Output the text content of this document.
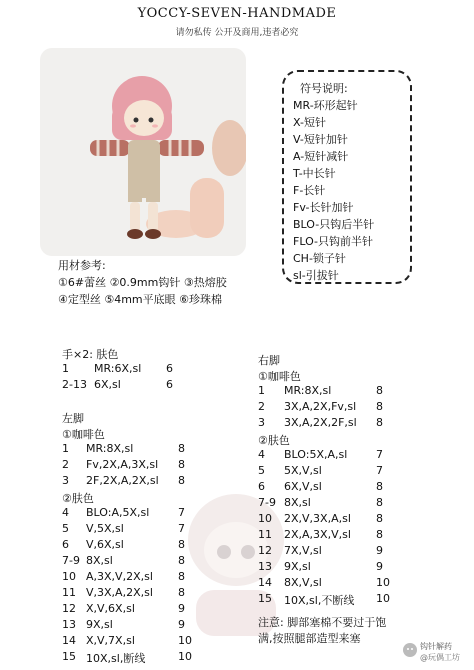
YOCCY-SEVEN-HANDMADE
请勿私传 公开及商用,违者必究
符号说明:
MR-环形起针
X-短针
V-短针加针
A-短针减针
T-中长针
F-长针
Fv-长针加针
BLO-只钩后半针
FLO-只钩前半针
CH-锁子针
sl-引拔针
用材参考:
①6#蕾丝 ②0.9mm钩针 ③热熔胶
④定型丝 ⑤4mm平底眼 ⑥珍珠棉
手×2: 肤色
1 MR:6X,sl 6
2-13 6X,sl	6
左脚
①咖啡色
1 MR:8X,sl	8
2 Fv,2X,A,3X,sl 8
3 2F,2X,A,2X,sl 8
②肤色
4 BLO:A,5X,sl	7
5 V,5X,sl	7
6 V,6X,sl	8
7-9 8X,sl	8
10 A,3X,V,2X,sl 8
11 V,3X,A,2X,sl 8
12 X,V,6X,sl	9
13 9X,sl	9
14 X,V,7X,sl	10
15 10X,sl,断线	10
右脚
①咖啡色
1 MR:8X,sl	8
2 3X,A,2X,Fv,sl 8
3 3X,A,2X,2F,sl 8
②肤色
4 BLO:5X,A,sl	7
5 5X,V,sl	7
6 6X,V,sl	8
7-9 8X,sl	8
10 2X,V,3X,A,sl 8
11 2X,A,3X,V,sl 8
12 7X,V,sl	9
13 9X,sl	9
14 8X,V,sl	10
15 10X,sl,不断线 10
注意: 脚部塞棉不要过于饱
满,按照腿部造型来塞
钩针解药
@玩偶工坊
